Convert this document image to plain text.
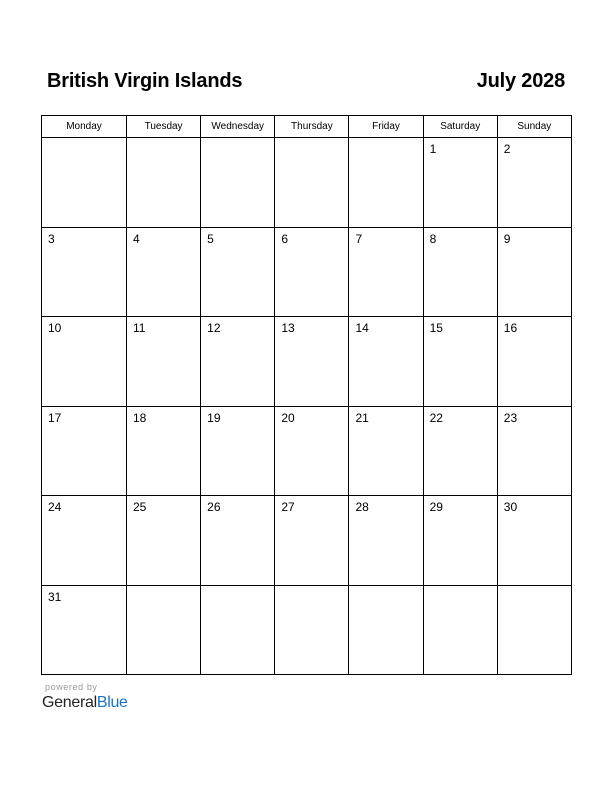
British Virgin Islands	July 2028
Monday	Tuesday	Wednesday	Thursday	Friday	Saturday	Sunday
					1	2
3	4	5	6	7	8	9
10	11	12	13	14	15	16
17	18	19	20	21	22	23
24	25	26	27	28	29	30
31						
powered by
GeneralBlue
